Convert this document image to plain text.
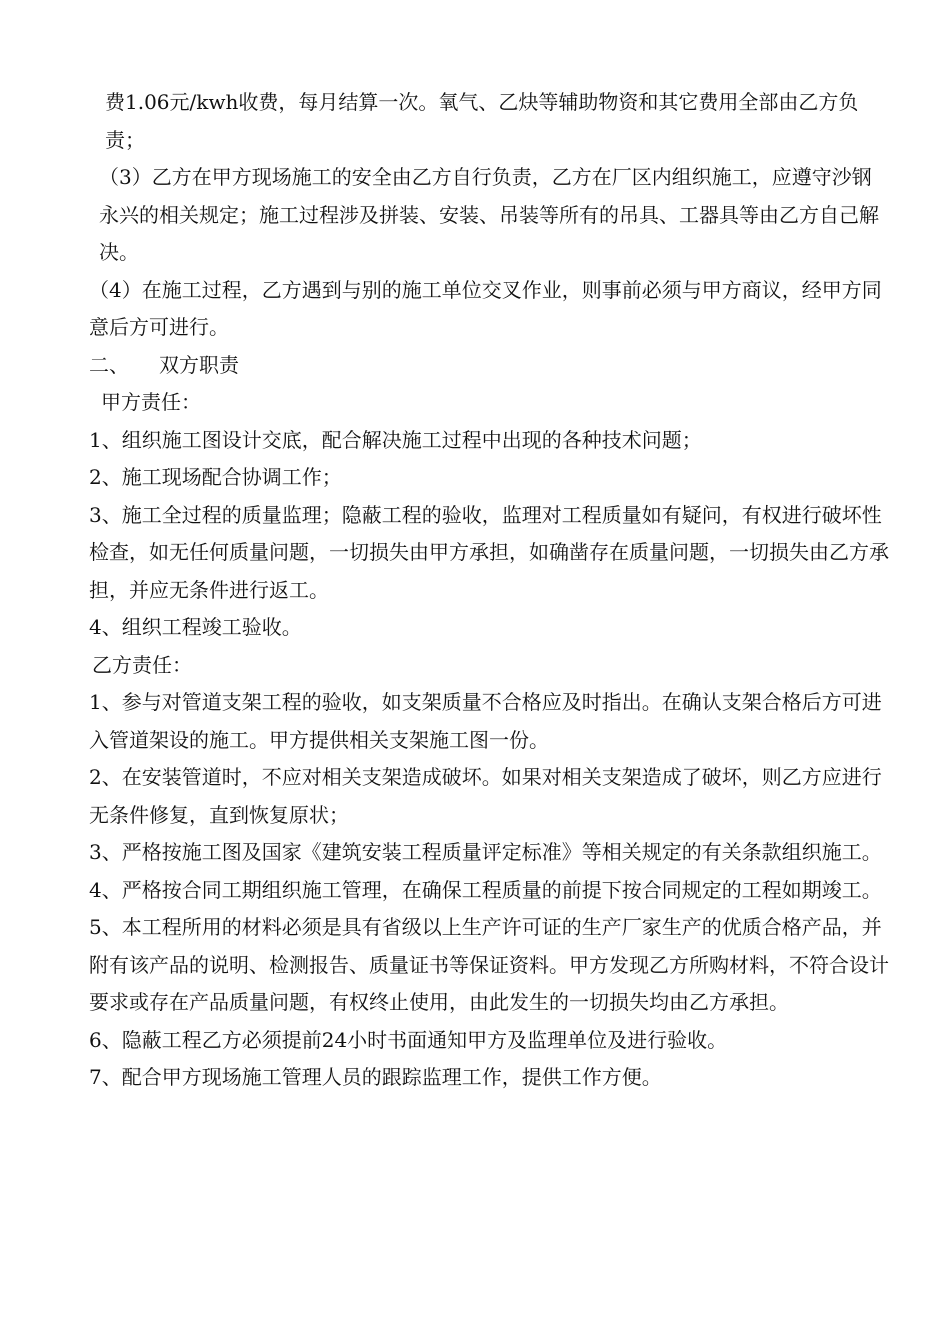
费1.06元/kwh收费，每月结算一次。氧气、乙炔等辅助物资和其它费用全部由乙方负责；

（3）乙方在甲方现场施工的安全由乙方自行负责，乙方在厂区内组织施工，应遵守沙钢永兴的相关规定；施工过程涉及拼装、安装、吊装等所有的吊具、工器具等由乙方自己解决。

（4）在施工过程，乙方遇到与别的施工单位交叉作业，则事前必须与甲方商议，经甲方同意后方可进行。

二、 双方职责

甲方责任：

1、组织施工图设计交底，配合解决施工过程中出现的各种技术问题；

2、施工现场配合协调工作；

3、施工全过程的质量监理；隐蔽工程的验收，监理对工程质量如有疑问，有权进行破坏性检查，如无任何质量问题，一切损失由甲方承担，如确凿存在质量问题，一切损失由乙方承担，并应无条件进行返工。

4、组织工程竣工验收。

乙方责任：

1、参与对管道支架工程的验收，如支架质量不合格应及时指出。在确认支架合格后方可进入管道架设的施工。甲方提供相关支架施工图一份。

2、在安装管道时，不应对相关支架造成破坏。如果对相关支架造成了破坏，则乙方应进行无条件修复，直到恢复原状；

3、严格按施工图及国家《建筑安装工程质量评定标准》等相关规定的有关条款组织施工。

4、严格按合同工期组织施工管理，在确保工程质量的前提下按合同规定的工程如期竣工。

5、本工程所用的材料必须是具有省级以上生产许可证的生产厂家生产的优质合格产品，并附有该产品的说明、检测报告、质量证书等保证资料。甲方发现乙方所购材料，不符合设计要求或存在产品质量问题，有权终止使用，由此发生的一切损失均由乙方承担。

6、隐蔽工程乙方必须提前24小时书面通知甲方及监理单位及进行验收。

7、配合甲方现场施工管理人员的跟踪监理工作，提供工作方便。
